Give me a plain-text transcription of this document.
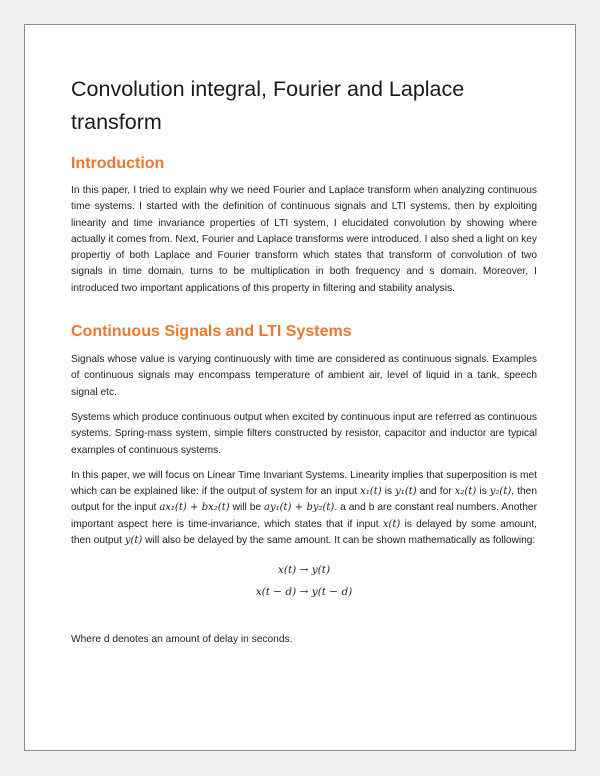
Convolution integral, Fourier and Laplace transform
Introduction

In this paper, I tried to explain why we need Fourier and Laplace transform when analyzing continuous time systems. I started with the definition of continuous signals and LTI systems, then by exploiting linearity and time invariance properties of LTI system, I elucidated convolution by showing where actually it comes from. Next, Fourier and Laplace transforms were introduced. I also shed a light on key propertiy of both Laplace and Fourier transform which states that transform of convolution of two signals in time domain, turns to be multiplication in both frequency and s domain. Moreover, I introduced two important applications of this property in filtering and stability analysis.

Continuous Signals and LTI Systems

Signals whose value is varying continuously with time are considered as continuous signals. Examples of continuous signals may encompass temperature of ambient air, level of liquid in a tank, speech signal etc.

Systems which produce continuous output when excited by continuous input are referred as continuous systems. Spring-mass system, simple filters constructed by resistor, capacitor and inductor are typical examples of continuous systems.

In this paper, we will focus on Linear Time Invariant Systems. Linearity implies that superposition is met which can be explained like: if the output of system for an input x₁(t) is y₁(t) and for x₂(t) is y₂(t), then output for the input ax₁(t) + bx₂(t) will be ay₁(t) + by₂(t). a and b are constant real numbers. Another important aspect here is time-invariance, which states that if input x(t) is delayed by some amount, then output y(t) will also be delayed by the same amount. It can be shown mathematically as following:

x(t) → y(t)
x(t − d) → y(t − d)

Where d denotes an amount of delay in seconds.
